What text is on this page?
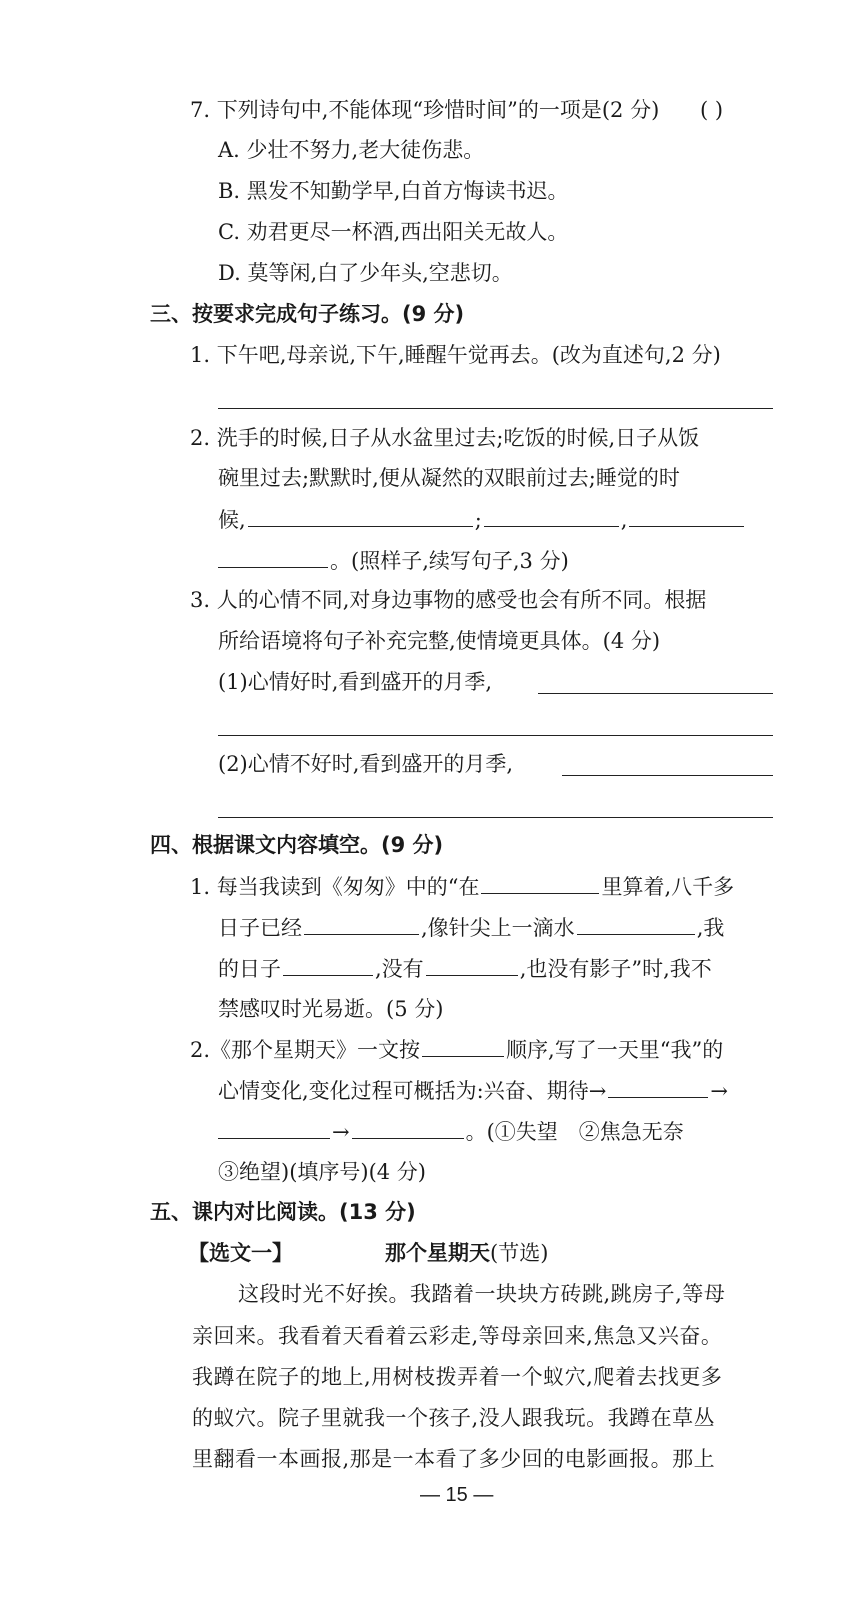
7. 下列诗句中,不能体现“珍惜时间”的一项是(2 分) ( )
A. 少壮不努力,老大徒伤悲。
B. 黑发不知勤学早,白首方悔读书迟。
C. 劝君更尽一杯酒,西出阳关无故人。
D. 莫等闲,白了少年头,空悲切。
三、按要求完成句子练习。(9 分)
1. 下午吧,母亲说,下午,睡醒午觉再去。(改为直述句,2 分)
2. 洗手的时候,日子从水盆里过去;吃饭的时候,日子从饭
碗里过去;默默时,便从凝然的双眼前过去;睡觉的时
候,	;	,
。(照样子,续写句子,3 分)
3. 人的心情不同,对身边事物的感受也会有所不同。根据
所给语境将句子补充完整,使情境更具体。(4 分)
(1)心情好时,看到盛开的月季,
(2)心情不好时,看到盛开的月季,
四、根据课文内容填空。(9 分)
1. 每当我读到《匆匆》中的“在	里算着,八千多
日子已经	,像针尖上一滴水	,我
的日子	,没有	,也没有影子”时,我不
禁感叹时光易逝。(5 分)
2.《那个星期天》一文按	顺序,写了一天里“我”的
心情变化,变化过程可概括为:兴奋、期待→	→
→	。(①失望　②焦急无奈
③绝望)(填序号)(4 分)
五、课内对比阅读。(13 分)
【选文一】	那个星期天(节选)
这段时光不好挨。我踏着一块块方砖跳,跳房子,等母
亲回来。我看着天看着云彩走,等母亲回来,焦急又兴奋。
我蹲在院子的地上,用树枝拨弄着一个蚁穴,爬着去找更多
的蚁穴。院子里就我一个孩子,没人跟我玩。我蹲在草丛
里翻看一本画报,那是一本看了多少回的电影画报。那上
— 15 —
